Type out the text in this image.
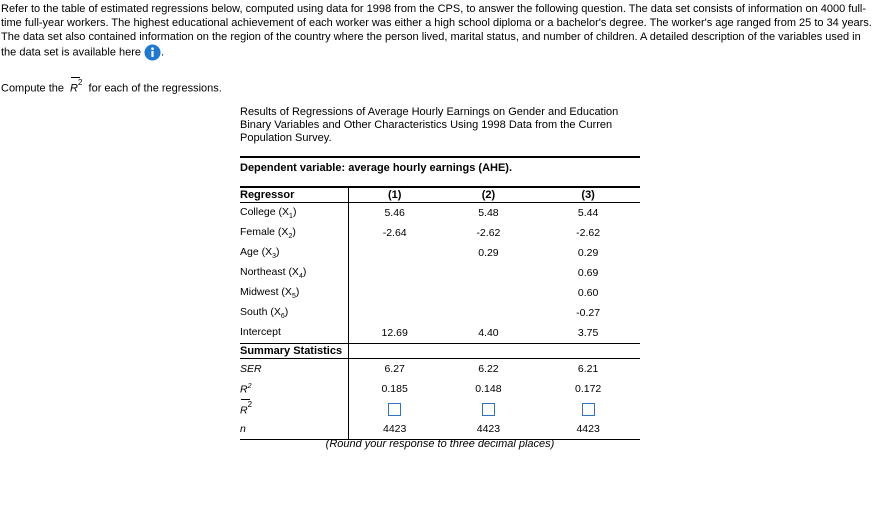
Refer to the table of estimated regressions below, computed using data for 1998 from the CPS, to answer the following question. The data set consists of information on 4000 full-time full-year workers. The highest educational achievement of each worker was either a high school diploma or a bachelor's degree. The worker's age ranged from 25 to 34 years. The data set also contained information on the region of the country where the person lived, marital status, and number of children. A detailed description of the variables used in the data set is available here .
Compute the $R^2$ for each of the regressions.
Results of Regressions of Average Hourly Earnings on Gender and Education Binary Variables and Other Characteristics Using 1998 Data from the Curren Population Survey.
Dependent variable: average hourly earnings (AHE).
Regressor	(1)	(2)	(3)
College $(X_1)$	5.46	5.48	5.44
Female $(X_2)$	-2.64	-2.62	-2.62
Age $(X_3)$		0.29	0.29
Northeast $(X_4)$			0.69
Midwest $(X_5)$			0.60
South $(X_6)$			-0.27
Intercept	12.69	4.40	3.75
Summary Statistics			
SER	6.27	6.22	6.21
$R^2$	0.185	0.148	0.172

$R^2$			
n	4423	4423	4423
(Round your response to three decimal places)
